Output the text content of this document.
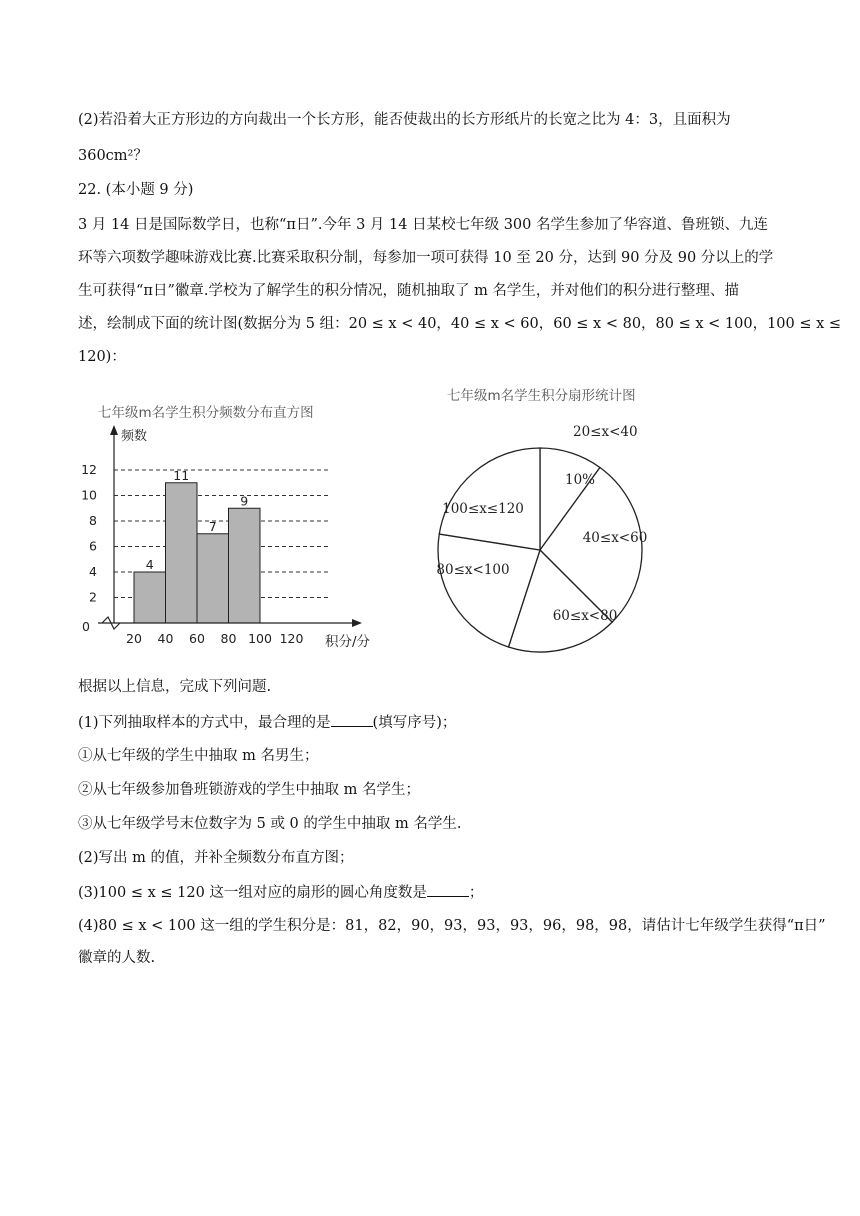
(2)若沿着大正方形边的方向裁出一个长方形，能否使裁出的长方形纸片的长宽之比为 4：3，且面积为
360cm²？
22. (本小题 9 分)
3 月 14 日是国际数学日，也称“π日”.今年 3 月 14 日某校七年级 300 名学生参加了华容道、鲁班锁、九连
环等六项数学趣味游戏比赛.比赛采取积分制，每参加一项可获得 10 至 20 分，达到 90 分及 90 分以上的学
生可获得“π日”徽章.学校为了解学生的积分情况，随机抽取了 m 名学生，并对他们的积分进行整理、描
述，绘制成下面的统计图(数据分为 5 组：20 ≤ x < 40，40 ≤ x < 60，60 ≤ x < 80，80 ≤ x < 100，100 ≤ x ≤
120)：
七年级m名学生积分频数分布直方图
频数
积分/分
0
2
4
6
8
10
12
20 40 60 80 100 120
4
11
7
9
七年级m名学生积分扇形统计图
20≤x<40
10%
40≤x<60
60≤x<80
80≤x<100
100≤x≤120
根据以上信息，完成下列问题.
(1)下列抽取样本的方式中，最合理的是	(填写序号)；
①从七年级的学生中抽取 m 名男生；
②从七年级参加鲁班锁游戏的学生中抽取 m 名学生；
③从七年级学号末位数字为 5 或 0 的学生中抽取 m 名学生.
(2)写出 m 的值，并补全频数分布直方图；
(3)100 ≤ x ≤ 120 这一组对应的扇形的圆心角度数是	；
(4)80 ≤ x < 100 这一组的学生积分是：81，82，90，93，93，93，96，98，98，请估计七年级学生获得“π日”
徽章的人数.
